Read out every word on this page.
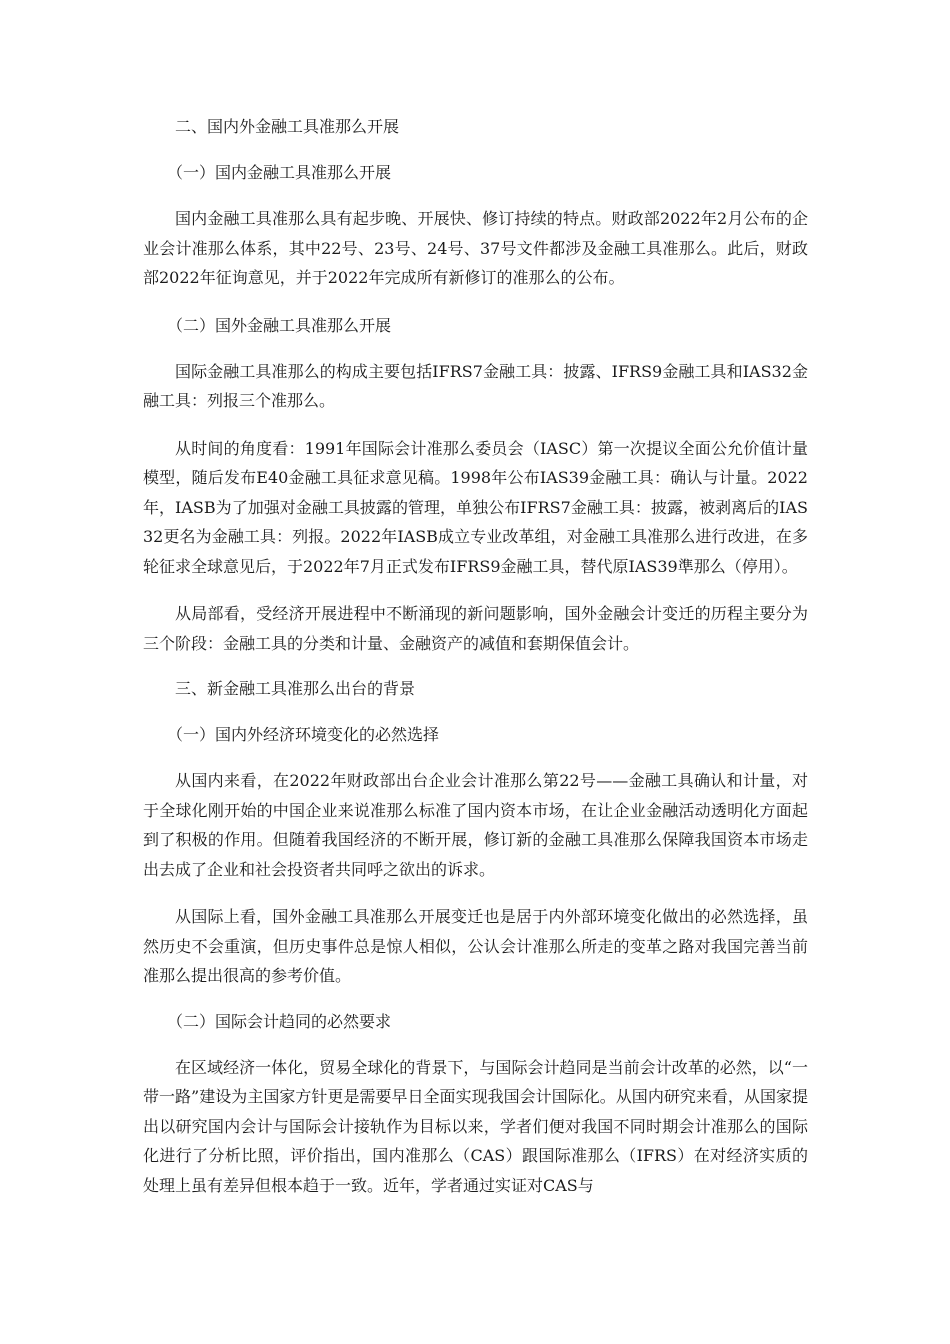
二、国内外金融工具准那么开展

（一）国内金融工具准那么开展

国内金融工具准那么具有起步晚、开展快、修订持续的特点。财政部2022年2月公布的企业会计准那么体系，其中22号、23号、24号、37号文件都涉及金融工具准那么。此后，财政部2022年征询意见，并于2022年完成所有新修订的准那么的公布。

（二）国外金融工具准那么开展

国际金融工具准那么的构成主要包括IFRS7金融工具：披露、IFRS9金融工具和IAS32金融工具：列报三个准那么。

从时间的角度看：1991年国际会计准那么委员会（IASC）第一次提议全面公允价值计量模型，随后发布E40金融工具征求意见稿。1998年公布IAS39金融工具：确认与计量。2022年，IASB为了加强对金融工具披露的管理，单独公布IFRS7金融工具：披露，被剥离后的IAS32更名为金融工具：列报。2022年IASB成立专业改革组，对金融工具准那么进行改进，在多轮征求全球意见后，于2022年7月正式发布IFRS9金融工具，替代原IAS39準那么（停用）。

从局部看，受经济开展进程中不断涌现的新问题影响，国外金融会计变迁的历程主要分为三个阶段：金融工具的分类和计量、金融资产的减值和套期保值会计。

三、新金融工具准那么出台的背景

（一）国内外经济环境变化的必然选择

从国内来看，在2022年财政部出台企业会计准那么第22号——金融工具确认和计量，对于全球化刚开始的中国企业来说准那么标准了国内资本市场，在让企业金融活动透明化方面起到了积极的作用。但随着我国经济的不断开展，修订新的金融工具准那么保障我国资本市场走出去成了企业和社会投资者共同呼之欲出的诉求。

从国际上看，国外金融工具准那么开展变迁也是居于内外部环境变化做出的必然选择，虽然历史不会重演，但历史事件总是惊人相似，公认会计准那么所走的变革之路对我国完善当前准那么提出很高的参考价值。

（二）国际会计趋同的必然要求

在区域经济一体化，贸易全球化的背景下，与国际会计趋同是当前会计改革的必然，以“一带一路”建设为主国家方针更是需要早日全面实现我国会计国际化。从国内研究来看，从国家提出以研究国内会计与国际会计接轨作为目标以来，学者们便对我国不同时期会计准那么的国际化进行了分析比照，评价指出，国内准那么（CAS）跟国际准那么（IFRS）在对经济实质的处理上虽有差异但根本趋于一致。近年，学者通过实证对CAS与
